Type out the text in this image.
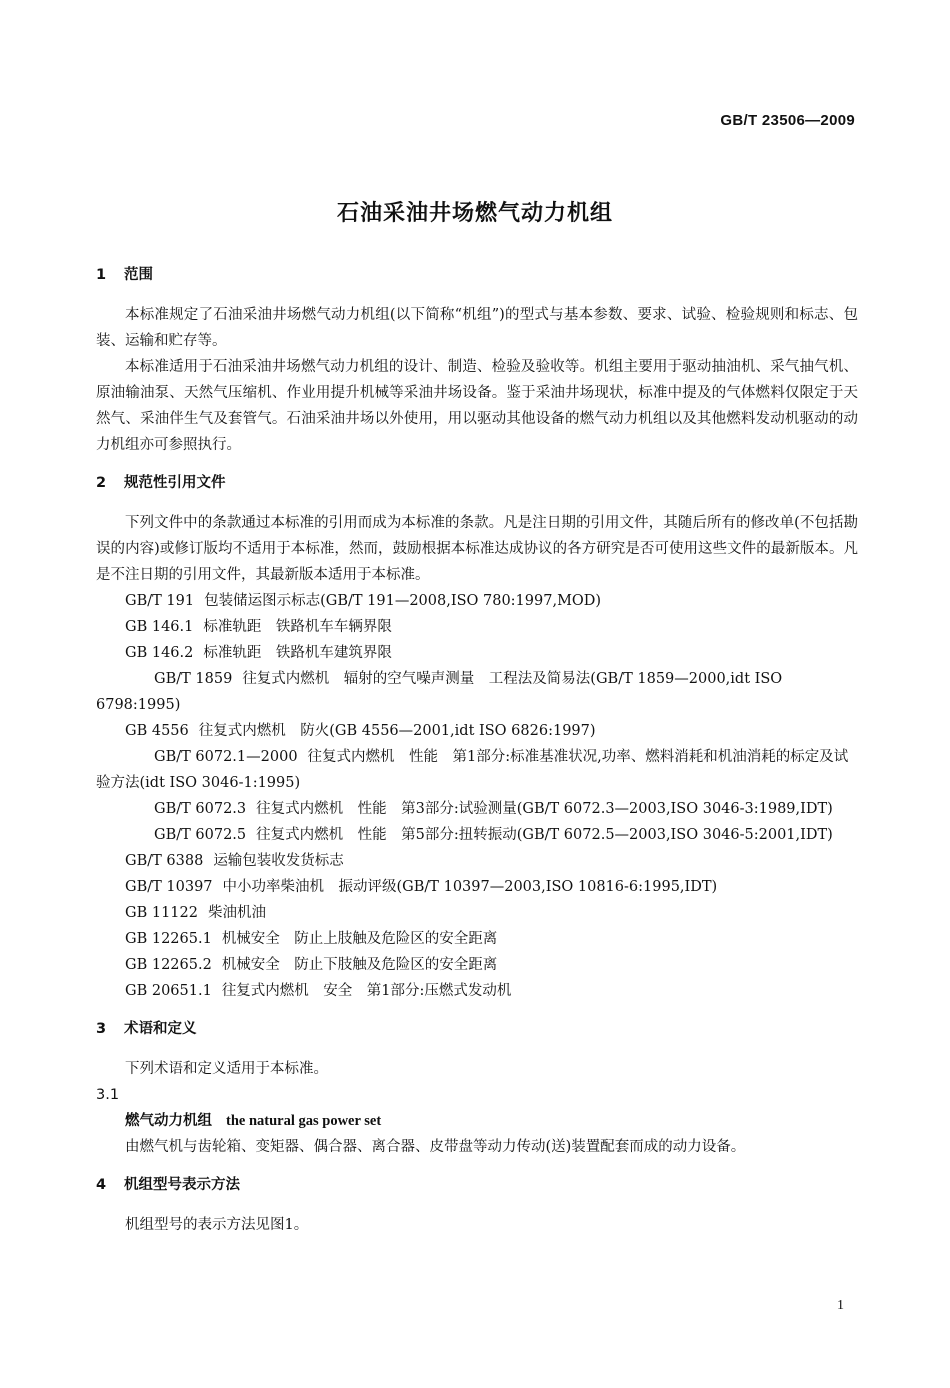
GB/T 23506—2009
石油采油井场燃气动力机组
1 范围

本标准规定了石油采油井场燃气动力机组(以下简称“机组”)的型式与基本参数、要求、试验、检验规则和标志、包装、运输和贮存等。

本标准适用于石油采油井场燃气动力机组的设计、制造、检验及验收等。机组主要用于驱动抽油机、采气抽气机、原油输油泵、天然气压缩机、作业用提升机械等采油井场设备。鉴于采油井场现状，标准中提及的气体燃料仅限定于天然气、采油伴生气及套管气。石油采油井场以外使用，用以驱动其他设备的燃气动力机组以及其他燃料发动机驱动的动力机组亦可参照执行。

2 规范性引用文件

下列文件中的条款通过本标准的引用而成为本标准的条款。凡是注日期的引用文件，其随后所有的修改单(不包括勘误的内容)或修订版均不适用于本标准，然而，鼓励根据本标准达成协议的各方研究是否可使用这些文件的最新版本。凡是不注日期的引用文件，其最新版本适用于本标准。

GB/T 191 包装储运图示标志(GB/T 191—2008,ISO 780:1997,MOD)

GB 146.1 标准轨距　铁路机车车辆界限

GB 146.2 标准轨距　铁路机车建筑界限

GB/T 1859 往复式内燃机　辐射的空气噪声测量　工程法及简易法(GB/T 1859—2000,idt ISO 6798:1995)

GB 4556 往复式内燃机　防火(GB 4556—2001,idt ISO 6826:1997)

GB/T 6072.1—2000 往复式内燃机　性能　第1部分:标准基准状况,功率、燃料消耗和机油消耗的标定及试验方法(idt ISO 3046-1:1995)

GB/T 6072.3 往复式内燃机　性能　第3部分:试验测量(GB/T 6072.3—2003,ISO 3046-3:1989,IDT)

GB/T 6072.5 往复式内燃机　性能　第5部分:扭转振动(GB/T 6072.5—2003,ISO 3046-5:2001,IDT)

GB/T 6388 运输包装收发货标志

GB/T 10397 中小功率柴油机　振动评级(GB/T 10397—2003,ISO 10816-6:1995,IDT)

GB 11122 柴油机油

GB 12265.1 机械安全　防止上肢触及危险区的安全距离

GB 12265.2 机械安全　防止下肢触及危险区的安全距离

GB 20651.1 往复式内燃机　安全　第1部分:压燃式发动机

3 术语和定义

下列术语和定义适用于本标准。

3.1

燃气动力机组 the natural gas power set

由燃气机与齿轮箱、变矩器、偶合器、离合器、皮带盘等动力传动(送)装置配套而成的动力设备。

4 机组型号表示方法

机组型号的表示方法见图1。

1
